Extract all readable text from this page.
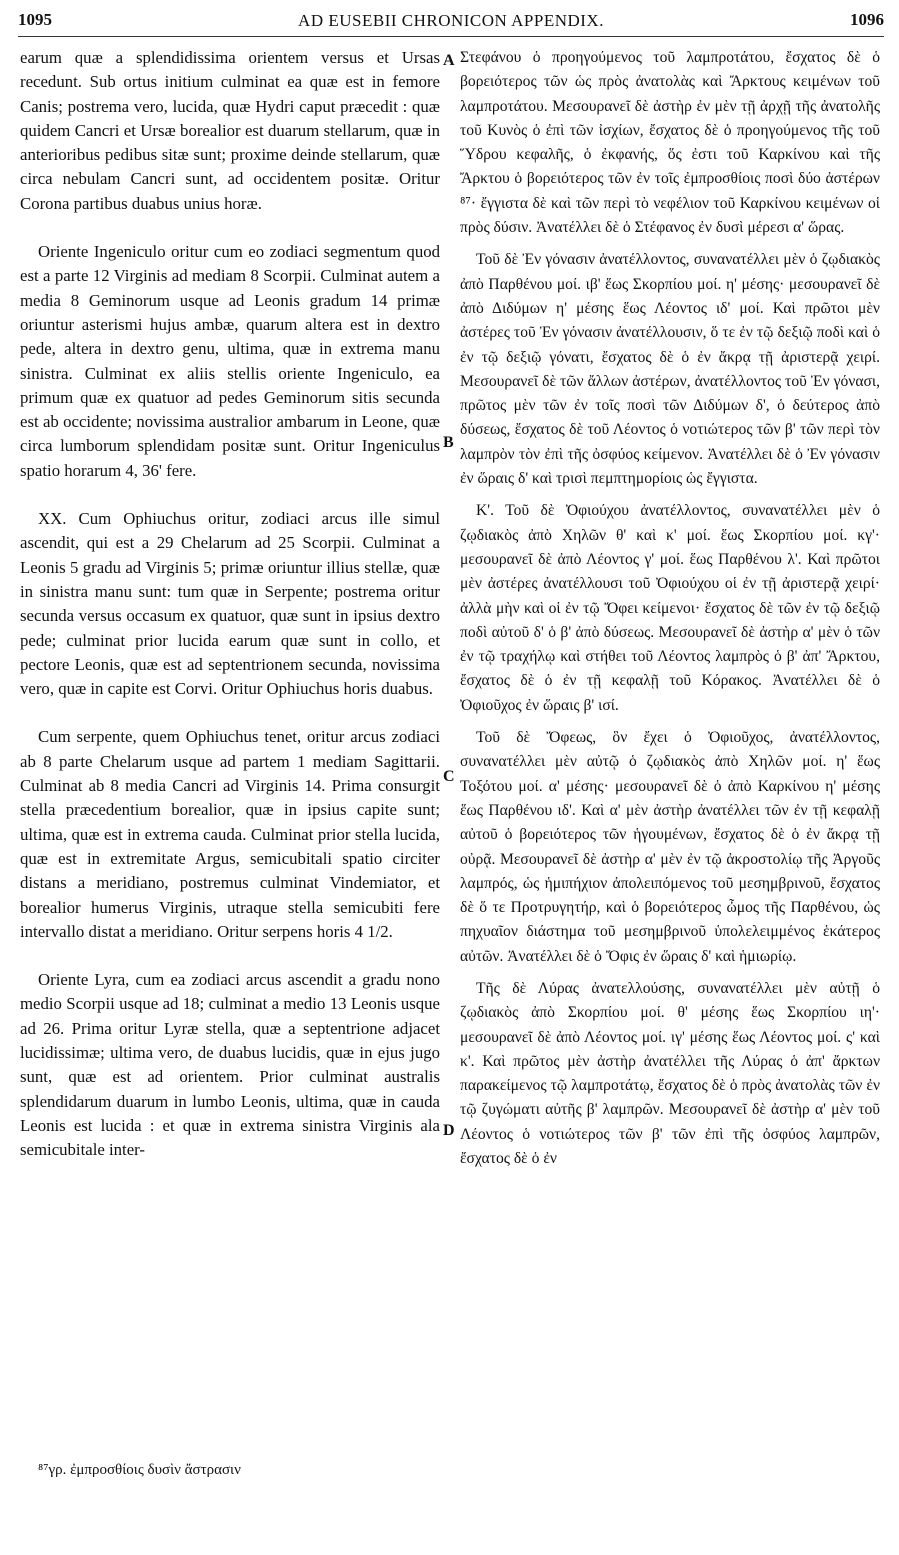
1095	AD EUSEBII CHRONICON APPENDIX.	1096

earum quæ a splendidissima orientem versus et Ursas recedunt. Sub ortus initium culminat ea quæ est in femore Canis; postrema vero, lucida, quæ Hydri caput præcedit : quæ quidem Cancri et Ursæ borealior est duarum stellarum, quæ in anterioribus pedibus sitæ sunt; proxime deinde stellarum, quæ circa nebulam Cancri sunt, ad occidentem positæ. Oritur Corona partibus duabus unius horæ.

Oriente Ingeniculo oritur cum eo zodiaci segmentum quod est a parte 12 Virginis ad mediam 8 Scorpii. Culminat autem a media 8 Geminorum usque ad Leonis gradum 14 primæ oriuntur asterismi hujus ambæ, quarum altera est in dextro pede, altera in dextro genu, ultima, quæ in extrema manu sinistra. Culminat ex aliis stellis oriente Ingeniculo, ea primum quæ ex quatuor ad pedes Geminorum sitis secunda est ab occidente; novissima australior ambarum in Leone, quæ circa lumborum splendidam positæ sunt. Oritur Ingeniculus spatio horarum 4, 36' fere.

XX. Cum Ophiuchus oritur, zodiaci arcus ille simul ascendit, qui est a 29 Chelarum ad 25 Scorpii. Culminat a Leonis 5 gradu ad Virginis 5; primæ oriuntur illius stellæ, quæ in sinistra manu sunt: tum quæ in Serpente; postrema oritur secunda versus occasum ex quatuor, quæ sunt in ipsius dextro pede; culminat prior lucida earum quæ sunt in collo, et pectore Leonis, quæ est ad septentrionem secunda, novissima vero, quæ in capite est Corvi. Oritur Ophiuchus horis duabus.

Cum serpente, quem Ophiuchus tenet, oritur arcus zodiaci ab 8 parte Chelarum usque ad partem 1 mediam Sagittarii. Culminat ab 8 media Cancri ad Virginis 14. Prima consurgit stella præcedentium borealior, quæ in ipsius capite sunt; ultima, quæ est in extrema cauda. Culminat prior stella lucida, quæ est in extremitate Argus, semicubitali spatio circiter distans a meridiano, postremus culminat Vindemiator, et borealior humerus Virginis, utraque stella semicubiti fere intervallo distat a meridiano. Oritur serpens horis 4 1/2.

Oriente Lyra, cum ea zodiaci arcus ascendit a gradu nono medio Scorpii usque ad 18; culminat a medio 13 Leonis usque ad 26. Prima oritur Lyræ stella, quæ a septentrione adjacet lucidissimæ; ultima vero, de duabus lucidis, quæ in ejus jugo sunt, quæ est ad orientem. Prior culminat australis splendidarum duarum in lumbo Leonis, ultima, quæ in cauda Leonis est lucida : et quæ in extrema sinistra Virginis ala semicubitale inter-

A
B
C
D

Στεφάνου ὁ προηγούμενος τοῦ λαμπροτάτου, ἔσχατος δὲ ὁ βορειότερος τῶν ὡς πρὸς ἀνατολὰς καὶ Ἄρκτους κειμένων τοῦ λαμπροτάτου. Μεσουρανεῖ δὲ ἀστὴρ ἐν μὲν τῇ ἀρχῇ τῆς ἀνατολῆς τοῦ Κυνὸς ὁ ἐπὶ τῶν ἰσχίων, ἔσχατος δὲ ὁ προηγούμενος τῆς τοῦ Ὕδρου κεφαλῆς, ὁ ἐκφανής, ὅς ἐστι τοῦ Καρκίνου καὶ τῆς Ἄρκτου ὁ βορειότερος τῶν ἐν τοῖς ἐμπροσθίοις ποσὶ δύο ἀστέρων ⁸⁷· ἔγγιστα δὲ καὶ τῶν περὶ τὸ νεφέλιον τοῦ Καρκίνου κειμένων οἱ πρὸς δύσιν. Ἀνατέλλει δὲ ὁ Στέφανος ἐν δυσὶ μέρεσι α' ὥρας.

Τοῦ δὲ Ἐν γόνασιν ἀνατέλλοντος, συνανατέλλει μὲν ὁ ζῳδιακὸς ἀπὸ Παρθένου μοί. ιβ' ἕως Σκορπίου μοί. η' μέσης· μεσουρανεῖ δὲ ἀπὸ Διδύμων η' μέσης ἕως Λέοντος ιδ' μοί. Καὶ πρῶτοι μὲν ἀστέρες τοῦ Ἐν γόνασιν ἀνατέλλουσιν, ὅ τε ἐν τῷ δεξιῷ ποδὶ καὶ ὁ ἐν τῷ δεξιῷ γόνατι, ἔσχατος δὲ ὁ ἐν ἄκρᾳ τῇ ἀριστερᾷ χειρί. Μεσουρανεῖ δὲ τῶν ἄλλων ἀστέρων, ἀνατέλλοντος τοῦ Ἐν γόνασι, πρῶτος μὲν τῶν ἐν τοῖς ποσὶ τῶν Διδύμων δ', ὁ δεύτερος ἀπὸ δύσεως, ἔσχατος δὲ τοῦ Λέοντος ὁ νοτιώτερος τῶν β' τῶν περὶ τὸν λαμπρὸν τὸν ἐπὶ τῆς ὀσφύος κείμενον. Ἀνατέλλει δὲ ὁ Ἐν γόνασιν ἐν ὥραις δ' καὶ τρισὶ πεμπτημορίοις ὡς ἔγγιστα.

Κ'. Τοῦ δὲ Ὀφιούχου ἀνατέλλοντος, συνανατέλλει μὲν ὁ ζῳδιακὸς ἀπὸ Χηλῶν θ' καὶ κ' μοί. ἕως Σκορπίου μοί. κγ'· μεσουρανεῖ δὲ ἀπὸ Λέοντος γ' μοί. ἕως Παρθένου λ'. Καὶ πρῶτοι μὲν ἀστέρες ἀνατέλλουσι τοῦ Ὀφιούχου οἱ ἐν τῇ ἀριστερᾷ χειρί· ἀλλὰ μὴν καὶ οἱ ἐν τῷ Ὄφει κείμενοι· ἔσχατος δὲ τῶν ἐν τῷ δεξιῷ ποδὶ αὐτοῦ δ' ὁ β' ἀπὸ δύσεως. Μεσουρανεῖ δὲ ἀστὴρ α' μὲν ὁ τῶν ἐν τῷ τραχήλῳ καὶ στήθει τοῦ Λέοντος λαμπρὸς ὁ β' ἀπ' Ἄρκτου, ἔσχατος δὲ ὁ ἐν τῇ κεφαλῇ τοῦ Κόρακος. Ἀνατέλλει δὲ ὁ Ὀφιοῦχος ἐν ὥραις β' ισί.

Τοῦ δὲ Ὄφεως, ὃν ἔχει ὁ Ὀφιοῦχος, ἀνατέλλοντος, συνανατέλλει μὲν αὐτῷ ὁ ζῳδιακὸς ἀπὸ Χηλῶν μοί. η' ἕως Τοξότου μοί. α' μέσης· μεσουρανεῖ δὲ ὁ ἀπὸ Καρκίνου η' μέσης ἕως Παρθένου ιδ'. Καὶ α' μὲν ἀστὴρ ἀνατέλλει τῶν ἐν τῇ κεφαλῇ αὐτοῦ ὁ βορειότερος τῶν ἡγουμένων, ἔσχατος δὲ ὁ ἐν ἄκρᾳ τῇ οὐρᾷ. Μεσουρανεῖ δὲ ἀστὴρ α' μὲν ἐν τῷ ἀκροστολίῳ τῆς Ἀργοῦς λαμπρός, ὡς ἡμιπήχιον ἀπολειπόμενος τοῦ μεσημβρινοῦ, ἔσχατος δὲ ὅ τε Προτρυγητήρ, καὶ ὁ βορειότερος ὦμος τῆς Παρθένου, ὡς πηχυαῖον διάστημα τοῦ μεσημβρινοῦ ὑπολελειμμένος ἑκάτερος αὐτῶν. Ἀνατέλλει δὲ ὁ Ὄφις ἐν ὥραις δ' καὶ ἡμιωρίῳ.

Τῆς δὲ Λύρας ἀνατελλούσης, συνανατέλλει μὲν αὐτῇ ὁ ζῳδιακὸς ἀπὸ Σκορπίου μοί. θ' μέσης ἕως Σκορπίου ιη'· μεσουρανεῖ δὲ ἀπὸ Λέοντος μοί. ιγ' μέσης ἕως Λέοντος μοί. ς' καὶ κ'. Καὶ πρῶτος μὲν ἀστὴρ ἀνατέλλει τῆς Λύρας ὁ ἀπ' ἄρκτων παρακείμενος τῷ λαμπροτάτῳ, ἔσχατος δὲ ὁ πρὸς ἀνατολὰς τῶν ἐν τῷ ζυγώματι αὐτῆς β' λαμπρῶν. Μεσουρανεῖ δὲ ἀστὴρ α' μὲν τοῦ Λέοντος ὁ νοτιώτερος τῶν β' τῶν ἐπὶ τῆς ὀσφύος λαμπρῶν, ἔσχατος δὲ ὁ ἐν

⁸⁷γρ. ἐμπροσθίοις δυσὶν ἄστρασιν
